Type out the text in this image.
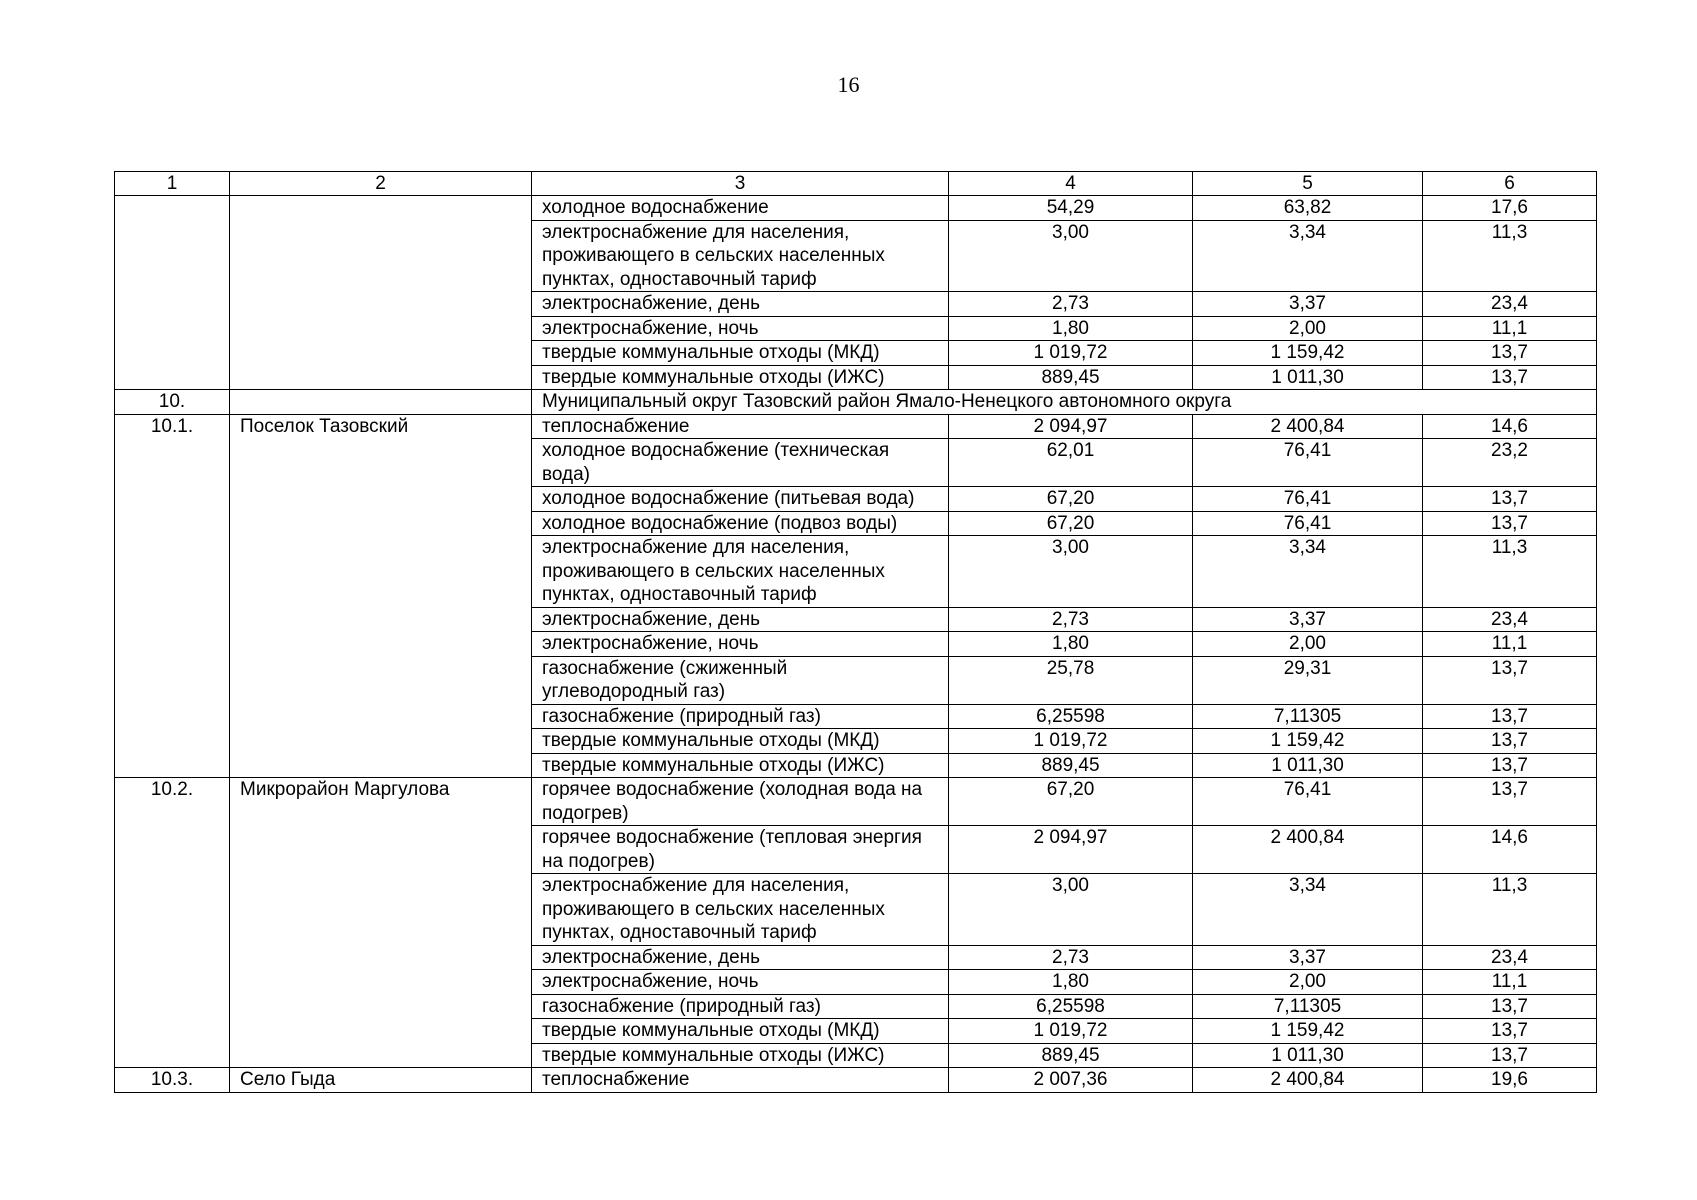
16
1	2	3	4	5	6
		холодное водоснабжение	54,29	63,82	17,6
		электроснабжение для населения, проживающего в сельских населенных пунктах, одноставочный тариф	3,00	3,34	11,3
		электроснабжение, день	2,73	3,37	23,4
		электроснабжение, ночь	1,80	2,00	11,1
		твердые коммунальные отходы (МКД)	1 019,72	1 159,42	13,7
		твердые коммунальные отходы (ИЖС)	889,45	1 011,30	13,7
10.		Муниципальный округ Тазовский район Ямало-Ненецкого автономного округа			
10.1.	Поселок Тазовский	теплоснабжение	2 094,97	2 400,84	14,6
		холодное водоснабжение (техническая вода)	62,01	76,41	23,2
		холодное водоснабжение (питьевая вода)	67,20	76,41	13,7
		холодное водоснабжение (подвоз воды)	67,20	76,41	13,7
		электроснабжение для населения, проживающего в сельских населенных пунктах, одноставочный тариф	3,00	3,34	11,3
		электроснабжение, день	2,73	3,37	23,4
		электроснабжение, ночь	1,80	2,00	11,1
		газоснабжение (сжиженный углеводородный газ)	25,78	29,31	13,7
		газоснабжение (природный газ)	6,25598	7,11305	13,7
		твердые коммунальные отходы (МКД)	1 019,72	1 159,42	13,7
		твердые коммунальные отходы (ИЖС)	889,45	1 011,30	13,7
10.2.	Микрорайон Маргулова	горячее водоснабжение (холодная вода на подогрев)	67,20	76,41	13,7
		горячее водоснабжение (тепловая энергия на подогрев)	2 094,97	2 400,84	14,6
		электроснабжение для населения, проживающего в сельских населенных пунктах, одноставочный тариф	3,00	3,34	11,3
		электроснабжение, день	2,73	3,37	23,4
		электроснабжение, ночь	1,80	2,00	11,1
		газоснабжение (природный газ)	6,25598	7,11305	13,7
		твердые коммунальные отходы (МКД)	1 019,72	1 159,42	13,7
		твердые коммунальные отходы (ИЖС)	889,45	1 011,30	13,7
10.3.	Село Гыда	теплоснабжение	2 007,36	2 400,84	19,6
